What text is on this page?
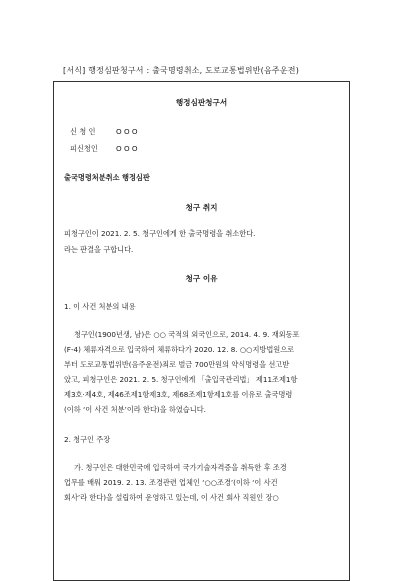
[서식] 행정심판청구서 : 출국명령취소, 도로교통법위반(음주운전)
행정심판청구서
신 청 인	O O O
피신청인	O O O
출국명령처분취소 행정심판
청구 취지
피청구인이 2021. 2. 5. 청구인에게 한 출국명령을 취소한다.
라는 판결을 구합니다.
청구 이유
1. 이 사건 처분의 내용
청구인(1900년생, 남)은 ○○ 국적의 외국인으로, 2014. 4. 9. 재외동포
(F-4) 체류자격으로 입국하여 체류하다가 2020. 12. 8. ○○지방법원으로
부터 도로교통법위반(음주운전)죄로 벌금 700만원의 약식명령을 선고받
았고, 피청구인은 2021. 2. 5. 청구인에게 「출입국관리법」 제11조제1항
제3호·제4호, 제46조제1항제3호, 제68조제1항제1호를 이유로 출국명령
(이하 ‘이 사건 처분’이라 한다)을 하였습니다.
2. 청구인 주장
가. 청구인은 대한민국에 입국하여 국가기술자격증을 취득한 후 조경
업무를 배워 2019. 2. 13. 조경관련 업체인 ‘○○조경’(이하 ‘이 사건
회사’라 한다)을 설립하여 운영하고 있는데, 이 사건 회사 직원인 장○
